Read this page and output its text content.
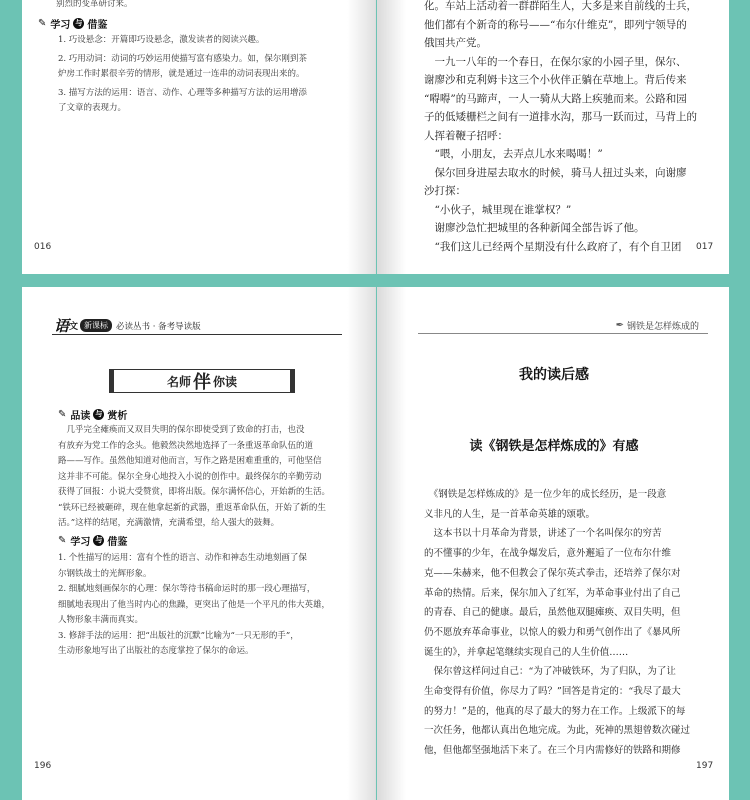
别烈的变革研讨来。
✎ 学习 与 借鉴

1. 巧设悬念：开篇即巧设悬念，激发读者的阅读兴趣。

2. 巧用动词：动词的巧妙运用使描写富有感染力。如，保尔刚到茶

炉房工作时累很辛劳的情形，就是通过一连串的动词表现出来的。

3. 描写方法的运用：语言、动作、心理等多种描写方法的运用增添

了文章的表现力。

016

化。车站上活动着一群群陌生人，大多是来自前线的士兵，

他们都有个新奇的称号——“布尔什维克”，即列宁领导的

俄国共产党。

　一九一八年的一个春日，在保尔家的小园子里，保尔、

谢廖沙和克利姆卡这三个小伙伴正躺在草地上。背后传来

“嘚嘚”的马蹄声，一人一骑从大路上疾驰而来。公路和园

子的低矮栅栏之间有一道排水沟，那马一跃而过，马背上的

人挥着鞭子招呼：

　“喂，小朋友，去弄点儿水来喝喝！”

　保尔回身进屋去取水的时候，骑马人扭过头来，向谢廖

沙打探：

　“小伙子，城里现在谁掌权？”

　谢廖沙急忙把城里的各种新闻全部告诉了他。

　“我们这儿已经两个星期没有什么政府了，有个自卫团	017
语 文 新课标 必读丛书 · 备考导读版
名师 伴 你读
✎ 品读 与 赏析

　几乎完全瘫痪而又双目失明的保尔即使受到了致命的打击，也没

有放弃为党工作的念头。他毅然决然地选择了一条重返革命队伍的道

路——写作。虽然他知道对他而言，写作之路是困难重重的，可他坚信

这并非不可能。保尔全身心地投入小说的创作中。最终保尔的辛勤劳动

获得了回报：小说大受赞赏，即将出版。保尔满怀信心，开始新的生活。

“铁环已经被砸碎，现在他拿起新的武器，重返革命队伍，开始了新的生

活。”这样的结尾，充满激情，充满希望，给人强大的鼓舞。

✎ 学习 与 借鉴

1. 个性描写的运用：富有个性的语言、动作和神态生动地刻画了保

尔钢铁战士的光辉形象。

2. 细腻地刻画保尔的心理：保尔等待书稿命运时的那一段心理描写，

细腻地表现出了他当时内心的焦躁，更突出了他是一个平凡的伟大英雄，

人物形象丰满而真实。

3. 修辞手法的运用：把“出版社的沉默”比喻为“一只无形的手”，

生动形象地写出了出版社的态度掌控了保尔的命运。

196
✒ 钢铁是怎样炼成的
我的读后感
读《钢铁是怎样炼成的》有感

　《钢铁是怎样炼成的》是一位少年的成长经历，是一段意

义非凡的人生，是一首革命英雄的颂歌。

　这本书以十月革命为背景，讲述了一个名叫保尔的穷苦

的不懂事的少年，在战争爆发后，意外邂逅了一位布尔什维

克——朱赫来，他不但教会了保尔英式拳击，还培养了保尔对

革命的热情。后来，保尔加入了红军，为革命事业付出了自己

的青春、自己的健康。最后，虽然他双腿瘫痪、双目失明，但

仍不愿放弃革命事业，以惊人的毅力和勇气创作出了《暴风所

诞生的》，并拿起笔继续实现自己的人生价值……

　保尔曾这样问过自己：“为了冲破铁环，为了归队，为了让

生命变得有价值，你尽力了吗？”回答是肯定的：“我尽了最大

的努力！”是的，他真的尽了最大的努力在工作。上级派下的每

一次任务，他都认真出色地完成。为此，死神的黑翅曾数次碰过

他，但他都坚强地活下来了。在三个月内需修好的铁路和期修

197
